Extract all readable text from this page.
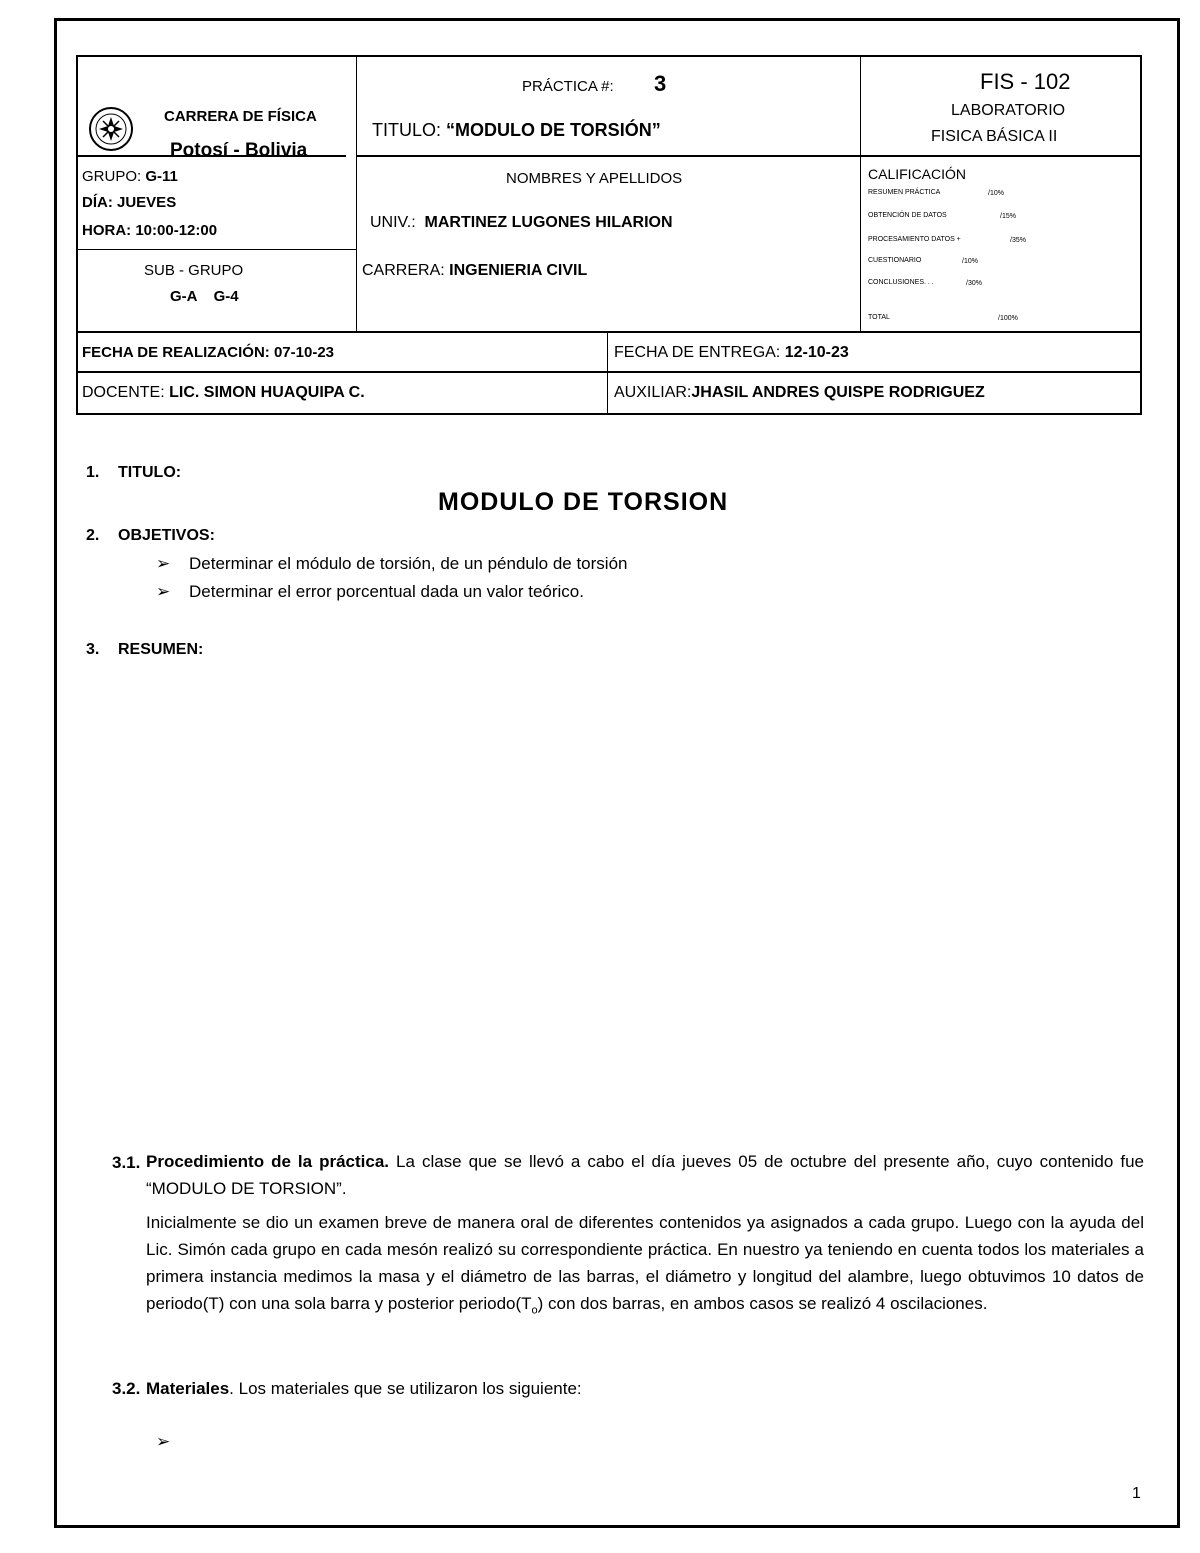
CARRERA DE FÍSICA
Potosí - Bolivia
PRÁCTICA #: 3
TITULO: “MODULO DE TORSIÓN”
FIS - 102
LABORATORIO
FISICA BÁSICA II
GRUPO: G-11
DÍA: JUEVES
HORA: 10:00-12:00
SUB - GRUPO
G-A    G-4
NOMBRES Y APELLIDOS
UNIV.: MARTINEZ LUGONES HILARION
CARRERA: INGENIERIA CIVIL
CALIFICACIÓN
RESUMEN PRÁCTICA	/10%
OBTENCIÓN DE DATOS	/15%
PROCESAMIENTO DATOS +	/35%
CUESTIONARIO	/10%
CONCLUSIONES. . .	/30%
TOTAL	/100%
FECHA DE REALIZACIÓN: 07-10-23	FECHA DE ENTREGA: 12-10-23
DOCENTE: LIC. SIMON HUAQUIPA C.	AUXILIAR:JHASIL ANDRES QUISPE RODRIGUEZ
1. TITULO:
MODULO DE TORSION
2. OBJETIVOS:
➢ Determinar el módulo de torsión, de un péndulo de torsión
➢ Determinar el error porcentual dada un valor teórico.
3. RESUMEN:
3.1. Procedimiento de la práctica. La clase que se llevó a cabo el día jueves 05 de octubre del presente año, cuyo contenido fue “MODULO DE TORSION”.
Inicialmente se dio un examen breve de manera oral de diferentes contenidos ya asignados a cada grupo. Luego con la ayuda del Lic. Simón cada grupo en cada mesón realizó su correspondiente práctica. En nuestro ya teniendo en cuenta todos los materiales a primera instancia medimos la masa y el diámetro de las barras, el diámetro y longitud del alambre, luego obtuvimos 10 datos de periodo(T) con una sola barra y posterior $periodo(T_o)$ con dos barras, en ambos casos se realizó 4 oscilaciones.
3.2. Materiales. Los materiales que se utilizaron los siguiente:
➢
1
